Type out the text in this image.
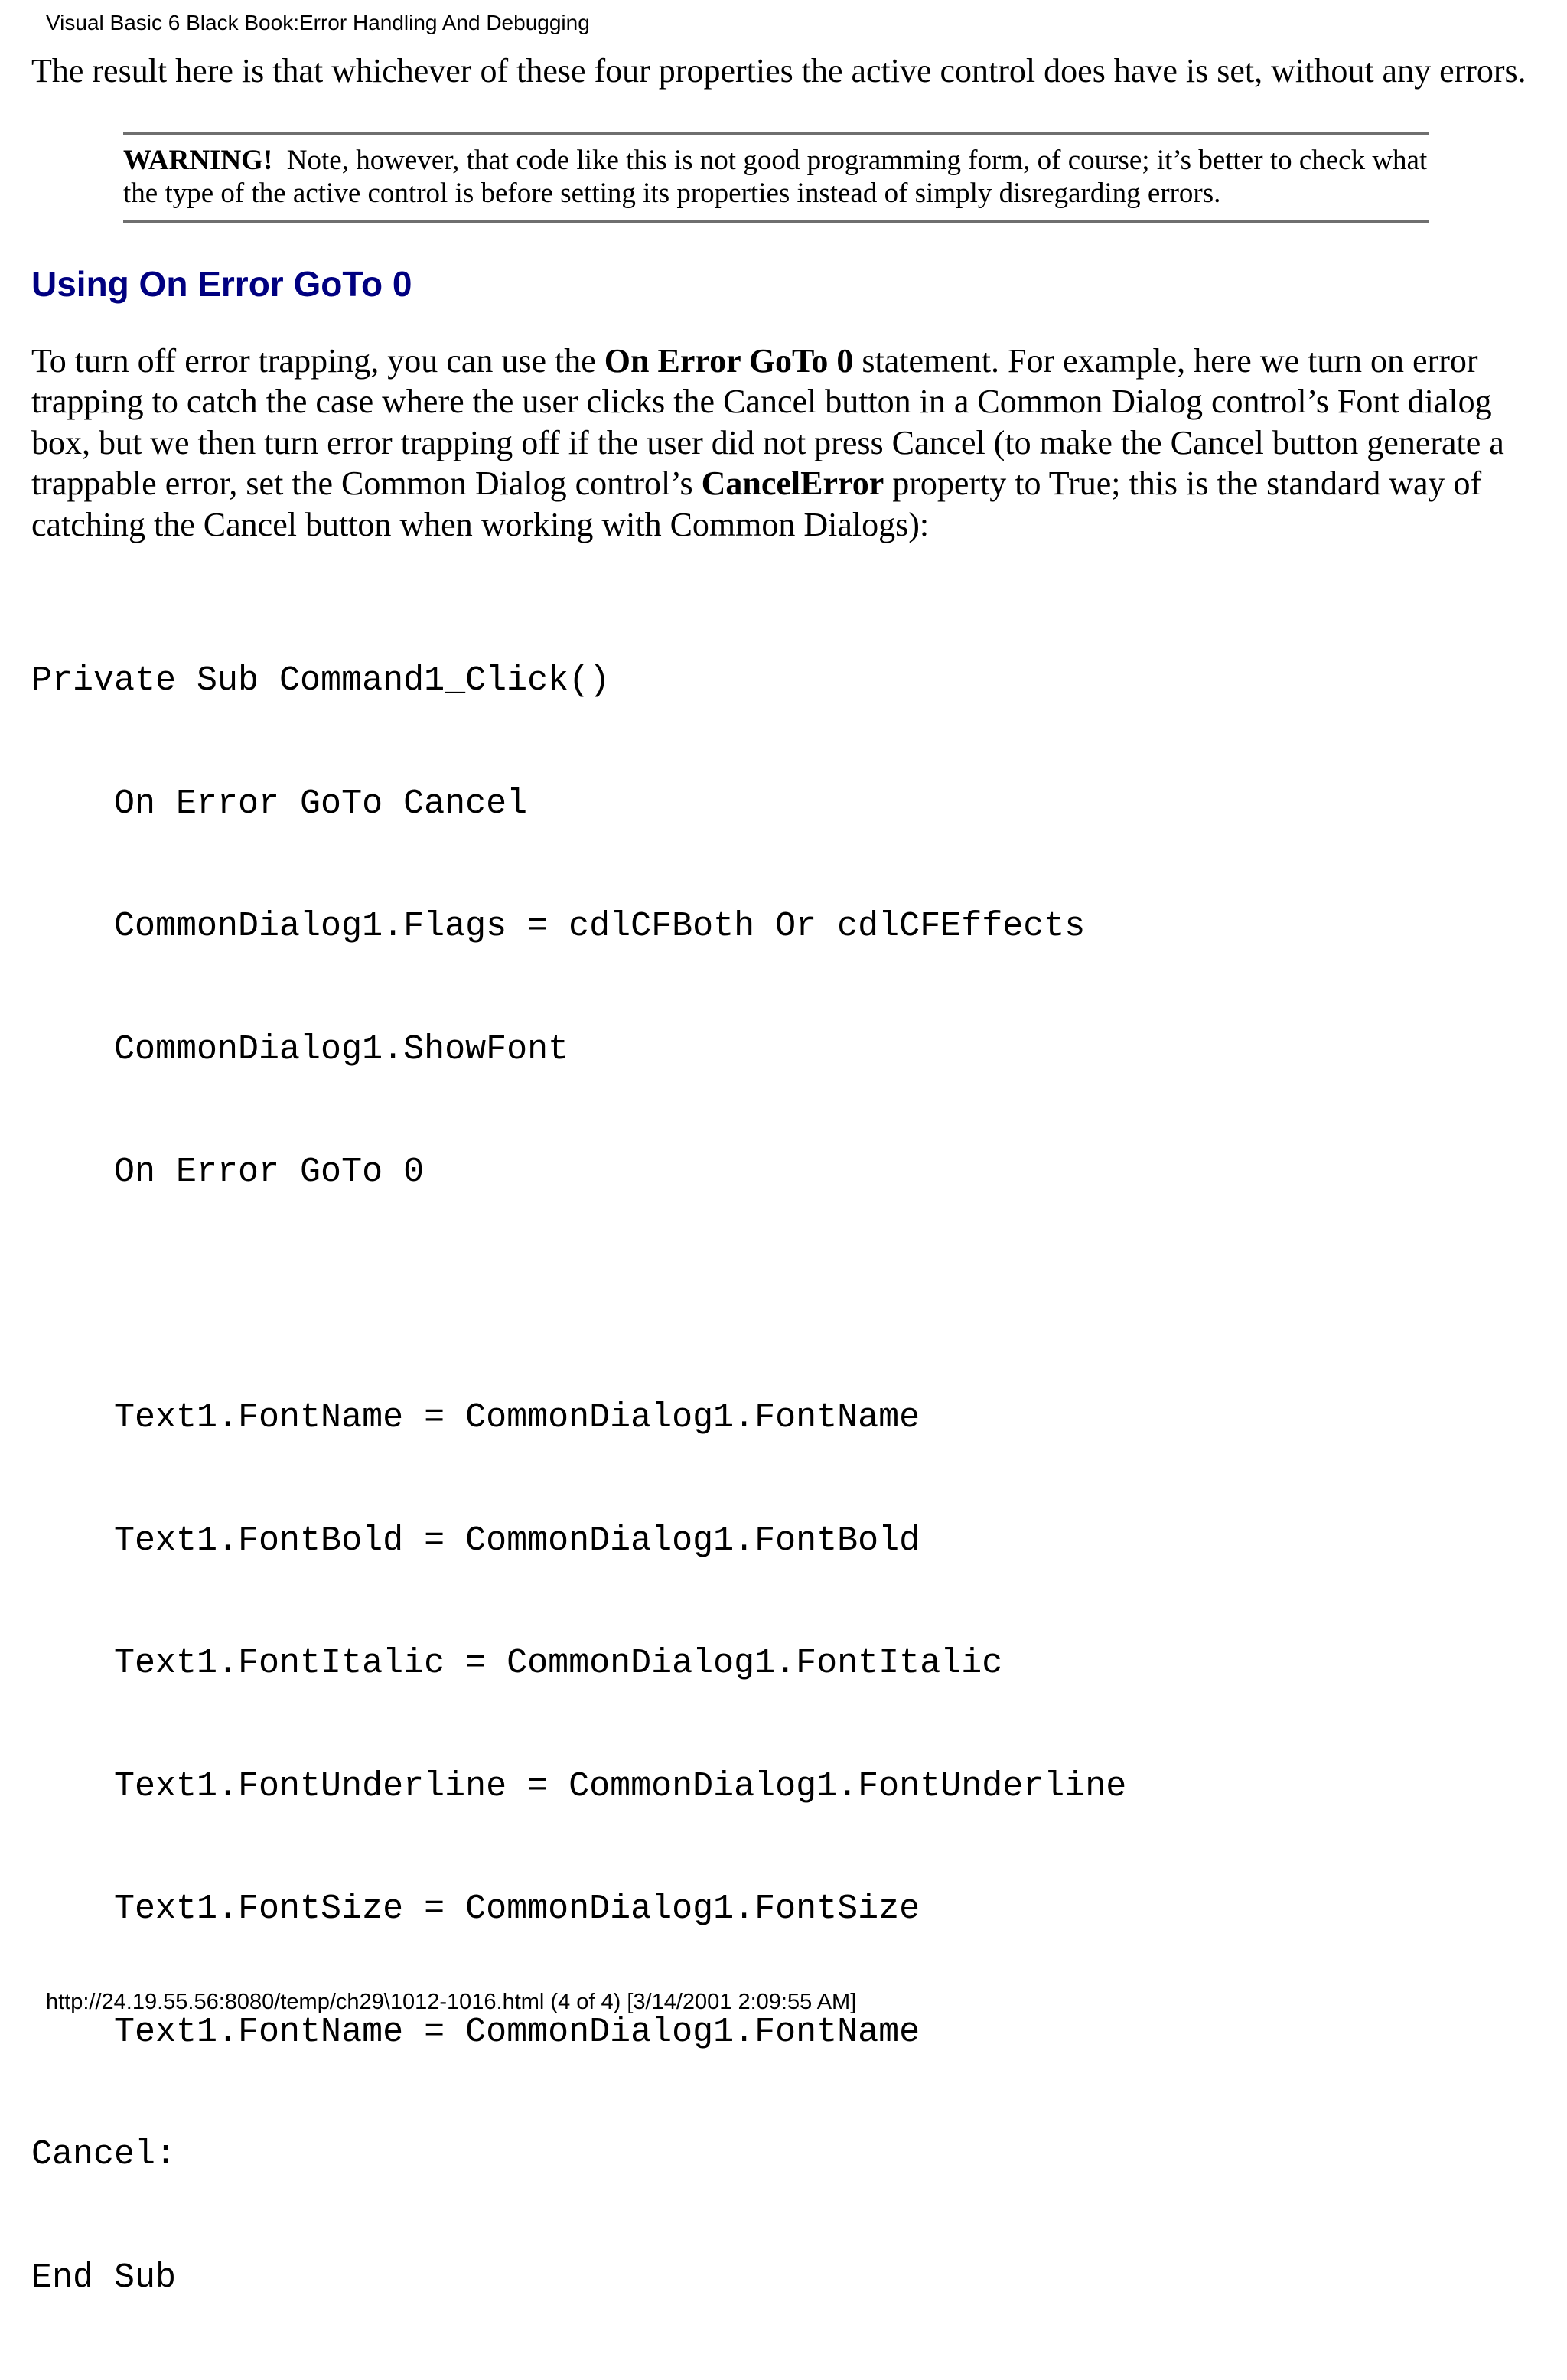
Visual Basic 6 Black Book:Error Handling And Debugging

The result here is that whichever of these four properties the active control does have is set, without any errors.

WARNING! Note, however, that code like this is not good programming form, of course; it’s better to check what the type of the active control is before setting its properties instead of simply disregarding errors.

Using On Error GoTo 0

To turn off error trapping, you can use the On Error GoTo 0 statement. For example, here we turn on error trapping to catch the case where the user clicks the Cancel button in a Common Dialog control’s Font dialog box, but we then turn error trapping off if the user did not press Cancel (to make the Cancel button generate a trappable error, set the Common Dialog control’s CancelError property to True; this is the standard way of catching the Cancel button when working with Common Dialogs):

Private Sub Command1_Click()

On Error GoTo Cancel

CommonDialog1.Flags = cdlCFBoth Or cdlCFEffects

CommonDialog1.ShowFont

On Error GoTo 0

Text1.FontName = CommonDialog1.FontName

Text1.FontBold = CommonDialog1.FontBold

Text1.FontItalic = CommonDialog1.FontItalic

Text1.FontUnderline = CommonDialog1.FontUnderline

Text1.FontSize = CommonDialog1.FontSize

Text1.FontName = CommonDialog1.FontName

Cancel:

End Sub

http://24.19.55.56:8080/temp/ch29\1012-1016.html (4 of 4) [3/14/2001 2:09:55 AM]
